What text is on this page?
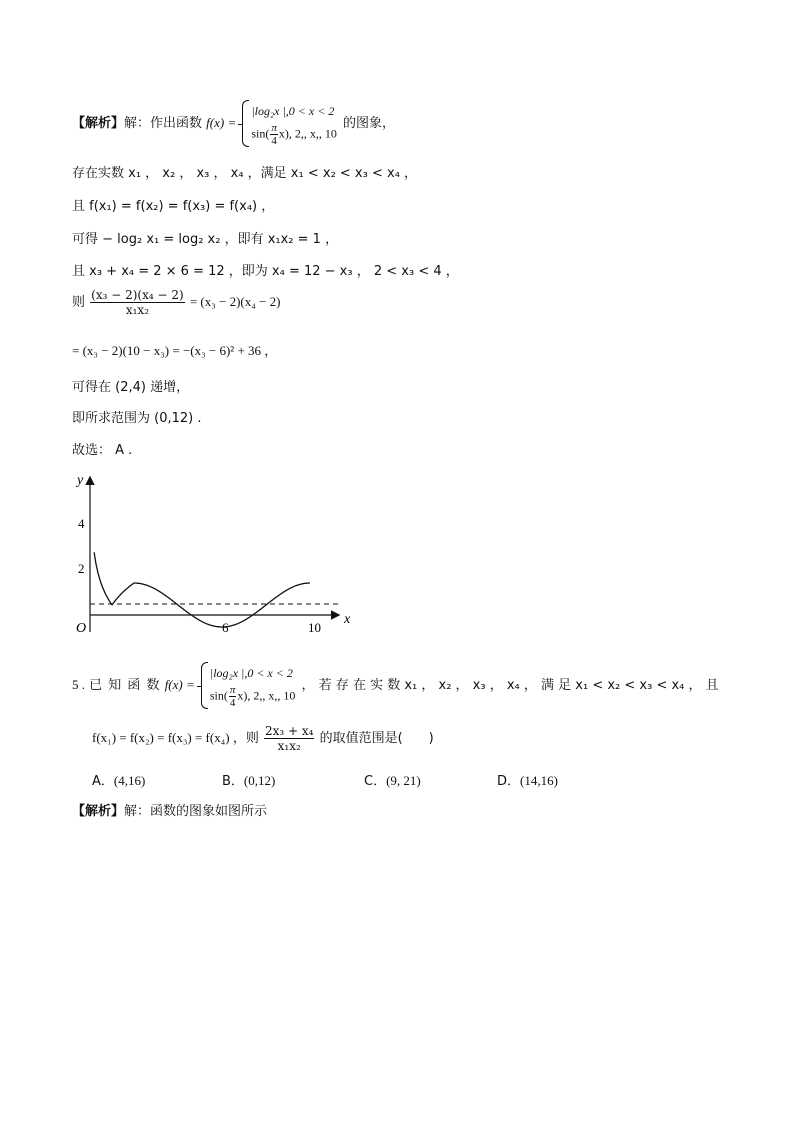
【解析】解：作出函数 f(x) =
|log₂x |,0 < x < 2
$\sin( \frac{\pi}{4} x)$, 2,, x,, 10
的图象，
存在实数 x₁ ， x₂ ， x₃ ， x₄ ，满足 x₁ < x₂ < x₃ < x₄ ，
且 f(x₁) = f(x₂) = f(x₃) = f(x₄) ，
可得 − log₂ x₁ = log₂ x₂ ，即有 x₁x₂ = 1 ，
且 x₃ + x₄ = 2 × 6 = 12 ，即为 x₄ = 12 − x₃ ， 2 < x₃ < 4 ，
则 $\frac{\text{(x₃ − 2)(x₄ − 2)}}{\text{x₁x₂}} = (x_3 - 2)(x_4 - 2)$
= (x₃ − 2)(10 − x₃) = −(x₃ − 6)² + 36 ，
可得在 (2,4) 递增，
即所求范围为 (0,12) .
故选： A .
y
x
O
4
2
6	10
5 . 已 知 函 数 f(x) =
|log₂x |,0 < x < 2
$\sin( \frac{\pi}{4} x)$, 2,, x,, 10
， 若 存 在 实 数 x₁ ， x₂ ， x₃ ， x₄ ， 满 足 x₁ < x₂ < x₃ < x₄ ， 且
f(x₁) = f(x₂) = f(x₃) = f(x₄) ，则 $\frac{\text{2x₃ + x₄}}{\text{x₁x₂}}$ 的取值范围是(　　)
A．(4,16)	B．(0,12)	C．(9, 21)	D．(14,16)
【解析】解：函数的图象如图所示
